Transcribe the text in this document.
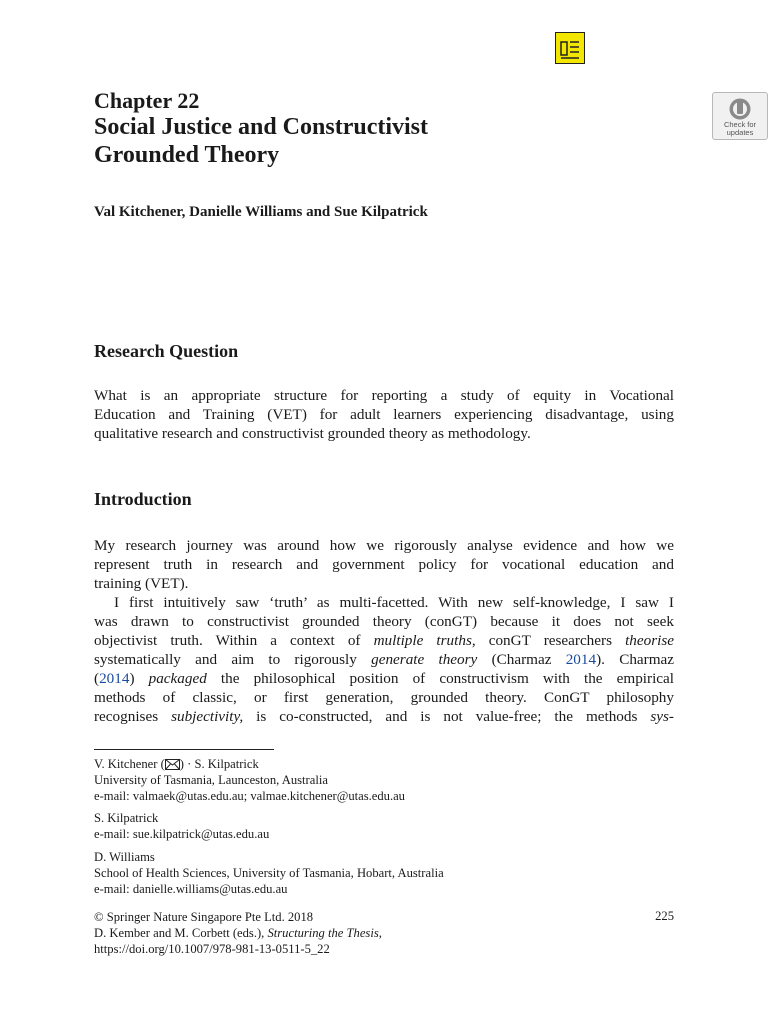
Check for
updates
Chapter 22
Social Justice and Constructivist
Grounded Theory
Val Kitchener, Danielle Williams and Sue Kilpatrick
Research Question
What is an appropriate structure for reporting a study of equity in Vocational
Education and Training (VET) for adult learners experiencing disadvantage, using
qualitative research and constructivist grounded theory as methodology.
Introduction
My research journey was around how we rigorously analyse evidence and how we
represent truth in research and government policy for vocational education and
training (VET).
I first intuitively saw ‘truth’ as multi-facetted. With new self-knowledge, I saw I
was drawn to constructivist grounded theory (conGT) because it does not seek
objectivist truth. Within a context of multiple truths, conGT researchers theorise
systematically and aim to rigorously generate theory (Charmaz 2014). Charmaz
(2014) packaged the philosophical position of constructivism with the empirical
methods of classic, or first generation, grounded theory. ConGT philosophy
recognises subjectivity, is co-constructed, and is not value-free; the methods sys-
V. Kitchener ( ) · S. Kilpatrick
University of Tasmania, Launceston, Australia
e-mail: valmaek@utas.edu.au; valmae.kitchener@utas.edu.au
S. Kilpatrick
e-mail: sue.kilpatrick@utas.edu.au
D. Williams
School of Health Sciences, University of Tasmania, Hobart, Australia
e-mail: danielle.williams@utas.edu.au
© Springer Nature Singapore Pte Ltd. 2018
D. Kember and M. Corbett (eds.), Structuring the Thesis,
https://doi.org/10.1007/978-981-13-0511-5_22
225
